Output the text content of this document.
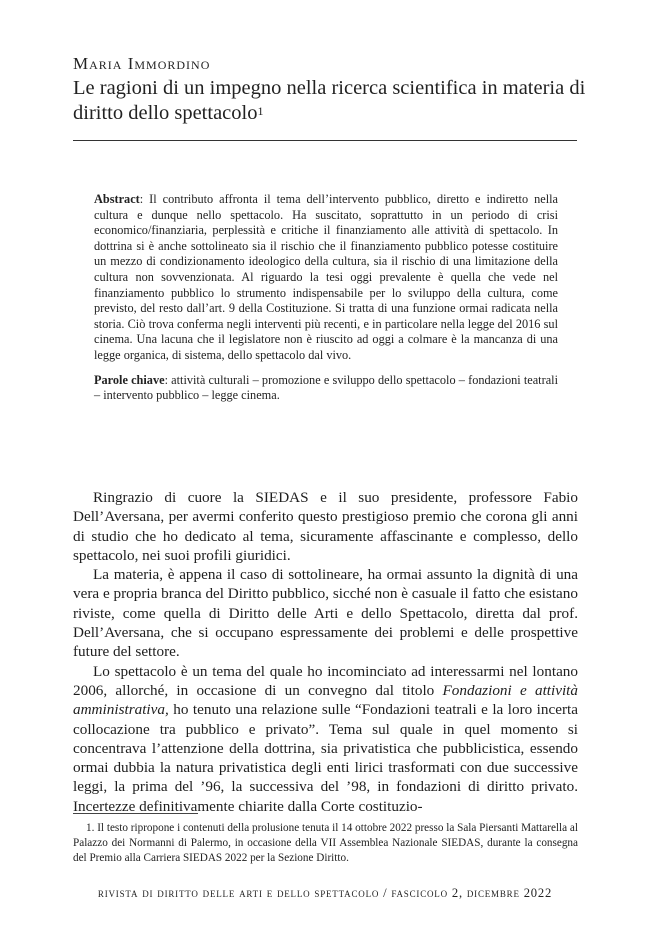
Maria Immordino
Le ragioni di un impegno nella ricerca scientifica in materia di diritto dello spettacolo$^1$

Abstract: Il contributo affronta il tema dell’intervento pubblico, diretto e indiretto nella cultura e dunque nello spettacolo. Ha suscitato, soprattutto in un periodo di crisi economico/finanziaria, perplessità e critiche il finanziamento alle attività di spettacolo. In dottrina si è anche sottolineato sia il rischio che il finanziamento pubblico potesse costituire un mezzo di condizionamento ideologico della cultura, sia il rischio di una limitazione della cultura non sovvenzionata. Al riguardo la tesi oggi prevalente è quella che vede nel finanziamento pubblico lo strumento indispensabile per lo sviluppo della cultura, come previsto, del resto dall’art. 9 della Costituzione. Si tratta di una funzione ormai radicata nella storia. Ciò trova conferma negli interventi più recenti, e in particolare nella legge del 2016 sul cinema. Una lacuna che il legislatore non è riuscito ad oggi a colmare è la mancanza di una legge organica, di sistema, dello spettacolo dal vivo.

Parole chiave: attività culturali – promozione e sviluppo dello spettacolo – fondazioni teatrali – intervento pubblico – legge cinema.

Ringrazio di cuore la SIEDAS e il suo presidente, professore Fabio Dell’Aversana, per avermi conferito questo prestigioso premio che corona gli anni di studio che ho dedicato al tema, sicuramente affascinante e complesso, dello spettacolo, nei suoi profili giuridici.

La materia, è appena il caso di sottolineare, ha ormai assunto la dignità di una vera e propria branca del Diritto pubblico, sicché non è casuale il fatto che esistano riviste, come quella di Diritto delle Arti e dello Spettacolo, diretta dal prof. Dell’Aversana, che si occupano espressamente dei problemi e delle prospettive future del settore.

Lo spettacolo è un tema del quale ho incominciato ad interessarmi nel lontano 2006, allorché, in occasione di un convegno dal titolo Fondazioni e attività amministrativa, ho tenuto una relazione sulle “Fondazioni teatrali e la loro incerta collocazione tra pubblico e privato”. Tema sul quale in quel momento si concentrava l’attenzione della dottrina, sia privatistica che pubblicistica, essendo ormai dubbia la natura privatistica degli enti lirici trasformati con due successive leggi, la prima del ’96, la successiva del ’98, in fondazioni di diritto privato. Incertezze definitivamente chiarite dalla Corte costituzio-

1. Il testo ripropone i contenuti della prolusione tenuta il 14 ottobre 2022 presso la Sala Piersanti Mattarella al Palazzo dei Normanni di Palermo, in occasione della VII Assemblea Nazionale SIEDAS, durante la consegna del Premio alla Carriera SIEDAS 2022 per la Sezione Diritto.

rivista di diritto delle arti e dello spettacolo / fascicolo 2, dicembre 2022
